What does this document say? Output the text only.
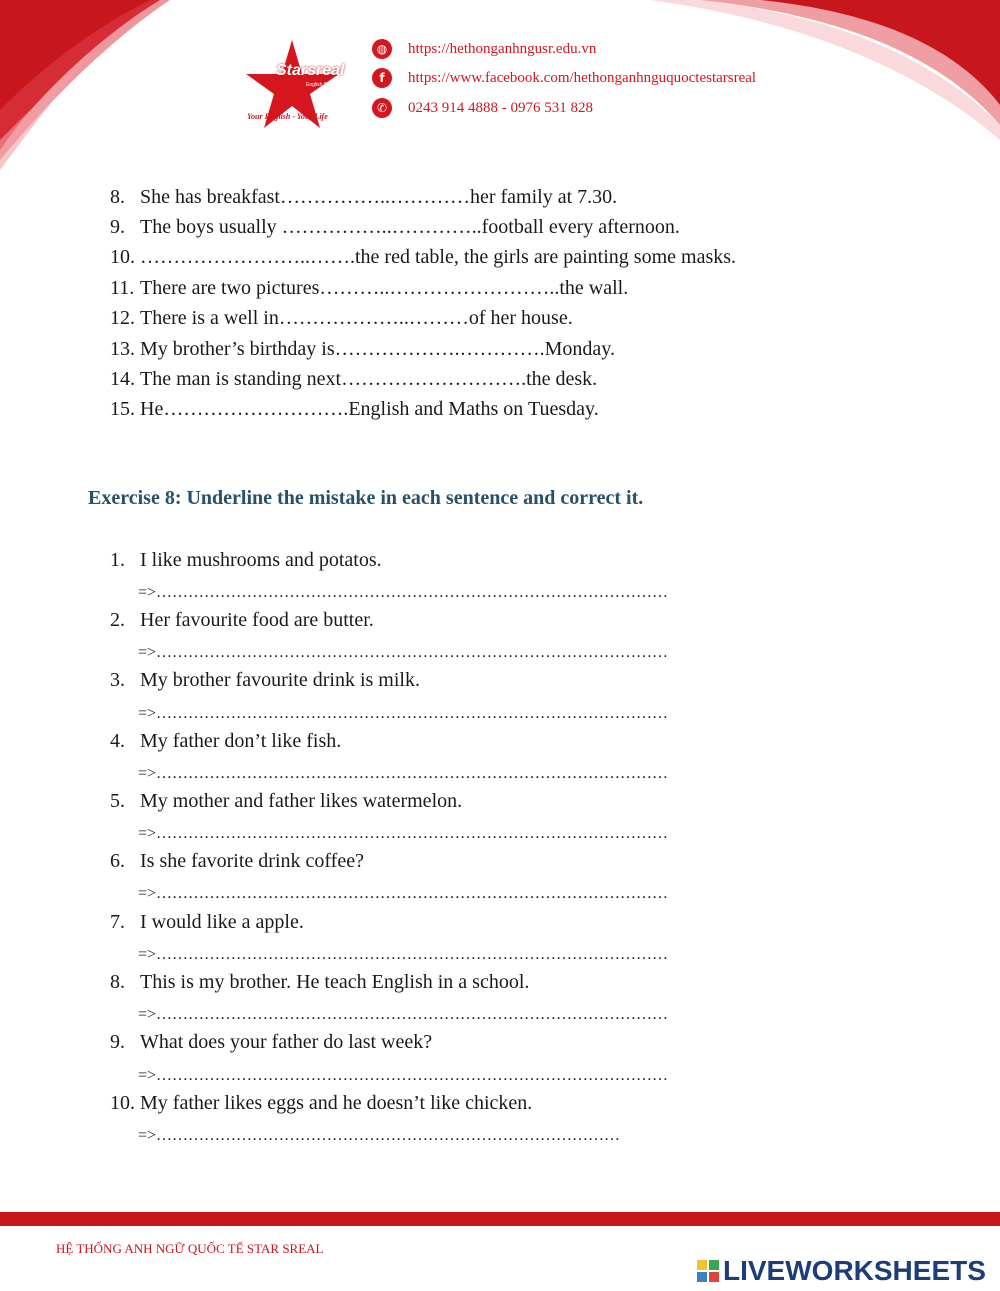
Starsreal
English System
Your English - Your Life
◍	https://hethonganhngusr.edu.vn
f	https://www.facebook.com/hethonganhnguquoctestarsreal
✆	0243 914 4888 - 0976 531 828
8. She has breakfast……………..…………her family at 7.30.
9. The boys usually ……………..…………..football every afternoon.
10. ……………………..…….the red table, the girls are painting some masks.
11. There are two pictures………..……………………..the wall.
12. There is a well in………………..………of her house.
13. My brother’s birthday is……………….………….Monday.
14. The man is standing next……………………….the desk.
15. He……………………….English and Maths on Tuesday.
Exercise 8: Underline the mistake in each sentence and correct it.
1. I like mushrooms and potatos.
2. Her favourite food are butter.
3. My brother favourite drink is milk.
4. My father don’t like fish.
5. My mother and father likes watermelon.
6. Is she favorite drink coffee?
7. I would like a apple.
8. This is my brother. He teach English in a school.
9. What does your father do last week?
10. My father likes eggs and he doesn’t like chicken.
=>……………………………………………………………………………………
=>……………………………………………………………………………………
=>……………………………………………………………………………………
=>……………………………………………………………………………………
=>……………………………………………………………………………………
=>……………………………………………………………………………………
=>……………………………………………………………………………………
=>……………………………………………………………………………………
=>……………………………………………………………………………………
=>……………………………………………………………………………
HỆ THỐNG ANH NGỮ QUỐC TẾ STAR SREAL
LIVEWORKSHEETS
